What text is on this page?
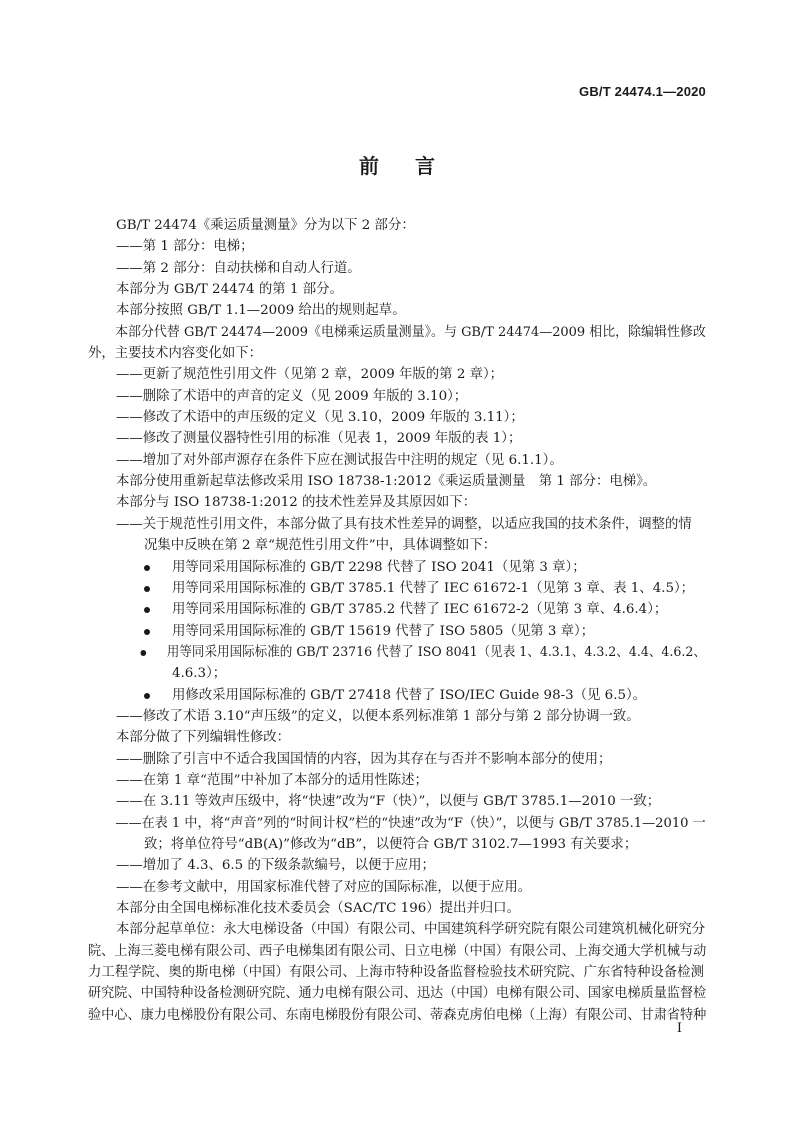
GB/T 24474.1—2020
前 言
GB/T 24474《乘运质量测量》分为以下 2 部分：
——第 1 部分：电梯；
——第 2 部分：自动扶梯和自动人行道。
本部分为 GB/T 24474 的第 1 部分。
本部分按照 GB/T 1.1—2009 给出的规则起草。
本部分代替 GB/T 24474—2009《电梯乘运质量测量》。与 GB/T 24474—2009 相比，除编辑性修改
外，主要技术内容变化如下：
——更新了规范性引用文件（见第 2 章，2009 年版的第 2 章）；
——删除了术语中的声音的定义（见 2009 年版的 3.10）；
——修改了术语中的声压级的定义（见 3.10，2009 年版的 3.11）；
——修改了测量仪器特性引用的标准（见表 1，2009 年版的表 1）；
——增加了对外部声源存在条件下应在测试报告中注明的规定（见 6.1.1）。
本部分使用重新起草法修改采用 ISO 18738-1:2012《乘运质量测量　第 1 部分：电梯》。
本部分与 ISO 18738-1:2012 的技术性差异及其原因如下：
——关于规范性引用文件，本部分做了具有技术性差异的调整，以适应我国的技术条件，调整的情
况集中反映在第 2 章“规范性引用文件”中，具体调整如下：
用等同采用国际标准的 GB/T 2298 代替了 ISO 2041（见第 3 章）；
用等同采用国际标准的 GB/T 3785.1 代替了 IEC 61672-1（见第 3 章、表 1、4.5）；
用等同采用国际标准的 GB/T 3785.2 代替了 IEC 61672-2（见第 3 章、4.6.4）；
用等同采用国际标准的 GB/T 15619 代替了 ISO 5805（见第 3 章）；
用等同采用国际标准的 GB/T 23716 代替了 ISO 8041（见表 1、4.3.1、4.3.2、4.4、4.6.2、
4.6.3）；
用修改采用国际标准的 GB/T 27418 代替了 ISO/IEC Guide 98-3（见 6.5）。
——修改了术语 3.10“声压级”的定义，以便本系列标准第 1 部分与第 2 部分协调一致。
本部分做了下列编辑性修改：
——删除了引言中不适合我国国情的内容，因为其存在与否并不影响本部分的使用；
——在第 1 章“范围”中补加了本部分的适用性陈述；
——在 3.11 等效声压级中，将“快速”改为“F（快）”，以便与 GB/T 3785.1—2010 一致；
——在表 1 中，将“声音”列的“时间计权”栏的“快速”改为“F（快）”，以便与 GB/T 3785.1—2010 一
致；将单位符号“dB(A)”修改为“dB”，以便符合 GB/T 3102.7—1993 有关要求；
——增加了 4.3、6.5 的下级条款编号，以便于应用；
——在参考文献中，用国家标准代替了对应的国际标准，以便于应用。
本部分由全国电梯标准化技术委员会（SAC/TC 196）提出并归口。
本部分起草单位：永大电梯设备（中国）有限公司、中国建筑科学研究院有限公司建筑机械化研究分
院、上海三菱电梯有限公司、西子电梯集团有限公司、日立电梯（中国）有限公司、上海交通大学机械与动
力工程学院、奥的斯电梯（中国）有限公司、上海市特种设备监督检验技术研究院、广东省特种设备检测
研究院、中国特种设备检测研究院、通力电梯有限公司、迅达（中国）电梯有限公司、国家电梯质量监督检
验中心、康力电梯股份有限公司、东南电梯股份有限公司、蒂森克虏伯电梯（上海）有限公司、甘肃省特种
I
